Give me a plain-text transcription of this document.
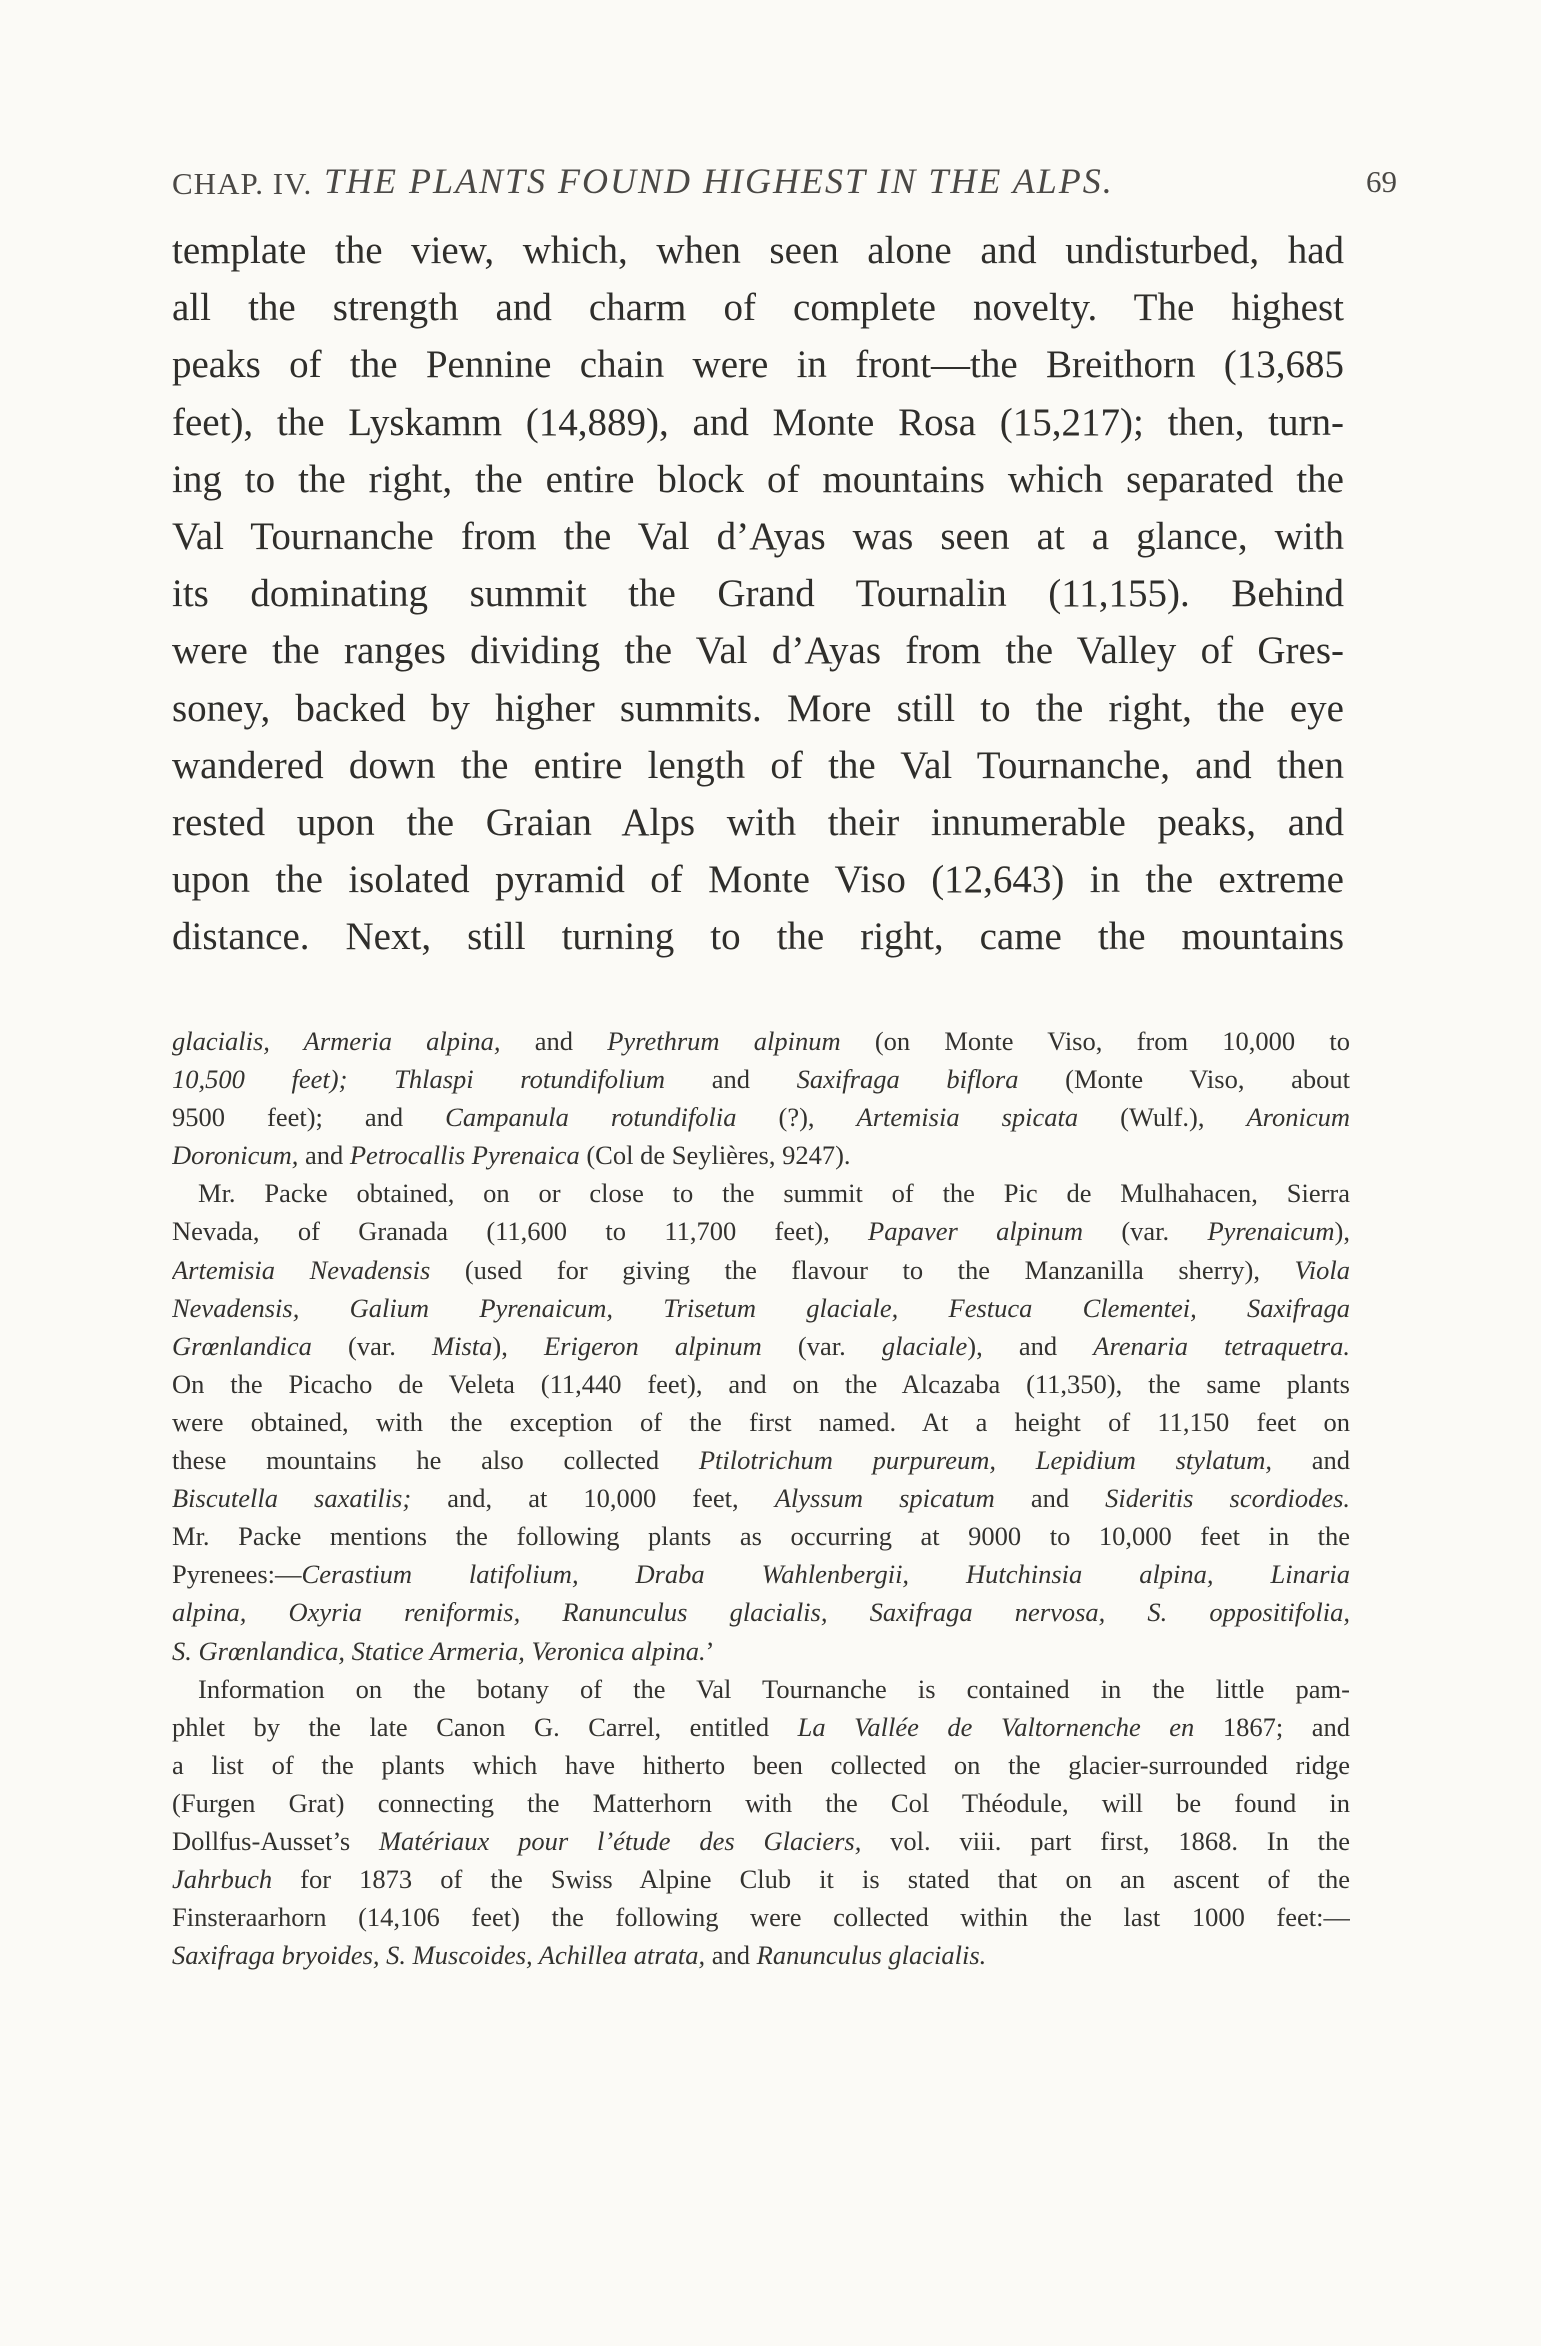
CHAP. IV. THE PLANTS FOUND HIGHEST IN THE ALPS.	69
template the view, which, when seen alone and undisturbed, had
all the strength and charm of complete novelty. The highest
peaks of the Pennine chain were in front—the Breithorn (13,685
feet), the Lyskamm (14,889), and Monte Rosa (15,217); then, turn-
ing to the right, the entire block of mountains which separated the
Val Tournanche from the Val d’Ayas was seen at a glance, with
its dominating summit the Grand Tournalin (11,155). Behind
were the ranges dividing the Val d’Ayas from the Valley of Gres-
soney, backed by higher summits. More still to the right, the eye
wandered down the entire length of the Val Tournanche, and then
rested upon the Graian Alps with their innumerable peaks, and
upon the isolated pyramid of Monte Viso (12,643) in the extreme
distance. Next, still turning to the right, came the mountains
glacialis, Armeria alpina, and Pyrethrum alpinum (on Monte Viso, from 10,000 to
10,500 feet); Thlaspi rotundifolium and Saxifraga biflora (Monte Viso, about
9500 feet); and Campanula rotundifolia (?), Artemisia spicata (Wulf.), Aronicum
Doronicum, and Petrocallis Pyrenaica (Col de Seylières, 9247).
Mr. Packe obtained, on or close to the summit of the Pic de Mulhahacen, Sierra
Nevada, of Granada (11,600 to 11,700 feet), Papaver alpinum (var. Pyrenaicum),
Artemisia Nevadensis (used for giving the flavour to the Manzanilla sherry), Viola
Nevadensis, Galium Pyrenaicum, Trisetum glaciale, Festuca Clementei, Saxifraga
Grœnlandica (var. Mista), Erigeron alpinum (var. glaciale), and Arenaria tetraquetra.
On the Picacho de Veleta (11,440 feet), and on the Alcazaba (11,350), the same plants
were obtained, with the exception of the first named. At a height of 11,150 feet on
these mountains he also collected Ptilotrichum purpureum, Lepidium stylatum, and
Biscutella saxatilis; and, at 10,000 feet, Alyssum spicatum and Sideritis scordiodes.
Mr. Packe mentions the following plants as occurring at 9000 to 10,000 feet in the
Pyrenees:—Cerastium latifolium, Draba Wahlenbergii, Hutchinsia alpina, Linaria
alpina, Oxyria reniformis, Ranunculus glacialis, Saxifraga nervosa, S. oppositifolia,
S. Grœnlandica, Statice Armeria, Veronica alpina.’
Information on the botany of the Val Tournanche is contained in the little pam-
phlet by the late Canon G. Carrel, entitled La Vallée de Valtornenche en 1867; and
a list of the plants which have hitherto been collected on the glacier-surrounded ridge
(Furgen Grat) connecting the Matterhorn with the Col Théodule, will be found in
Dollfus-Ausset’s Matériaux pour l’étude des Glaciers, vol. viii. part first, 1868. In the
Jahrbuch for 1873 of the Swiss Alpine Club it is stated that on an ascent of the
Finsteraarhorn (14,106 feet) the following were collected within the last 1000 feet:—
Saxifraga bryoides, S. Muscoides, Achillea atrata, and Ranunculus glacialis.
